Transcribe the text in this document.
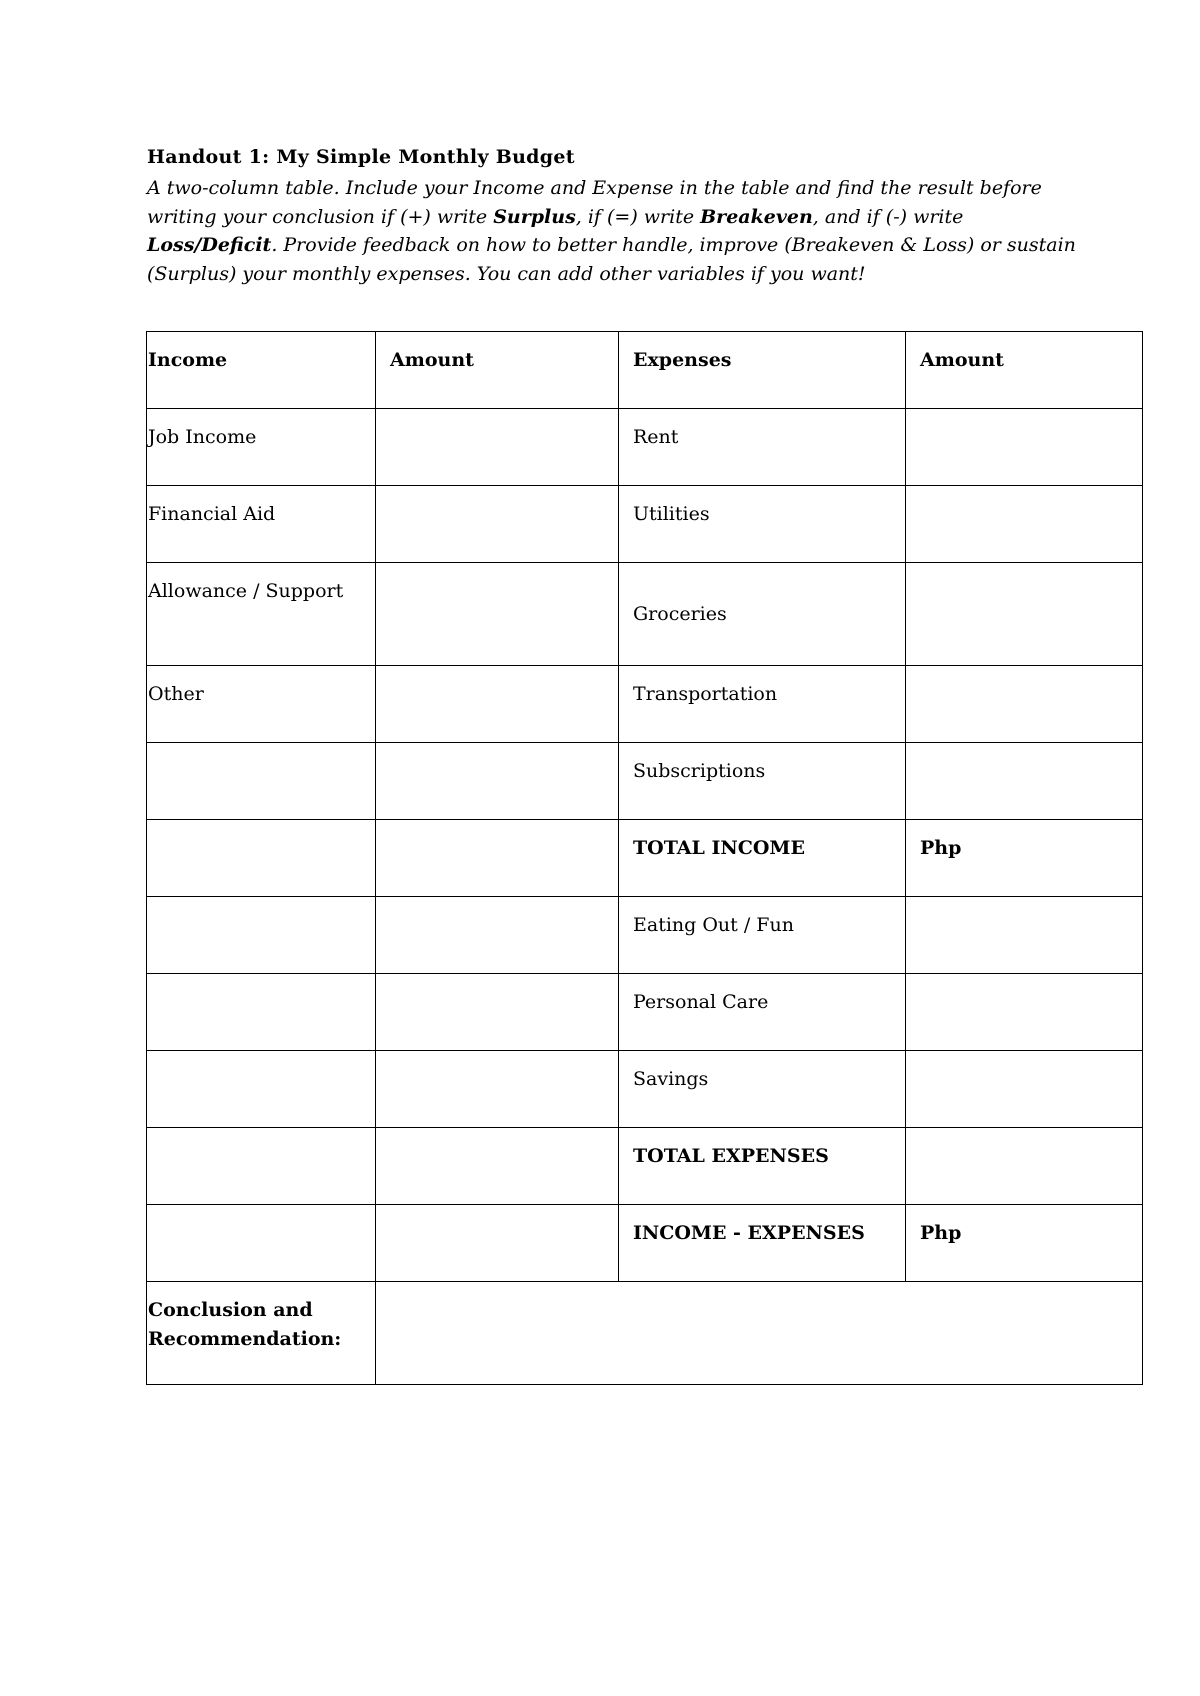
Handout 1: My Simple Monthly Budget

A two-column table. Include your Income and Expense in the table and find the result before writing your conclusion if (+) write Surplus, if (=) write Breakeven, and if (-) write Loss/Deficit. Provide feedback on how to better handle, improve (Breakeven & Loss) or sustain (Surplus) your monthly expenses. You can add other variables if you want!

Income	Amount	Expenses	Amount
Job Income		Rent	
Financial Aid		Utilities	
Allowance / Support		Groceries	
Other		Transportation	
		Subscriptions	
		TOTAL INCOME	Php
		Eating Out / Fun	
		Personal Care	
		Savings	
		TOTAL EXPENSES	
		INCOME - EXPENSES	Php

Conclusion and
Recommendation:			
